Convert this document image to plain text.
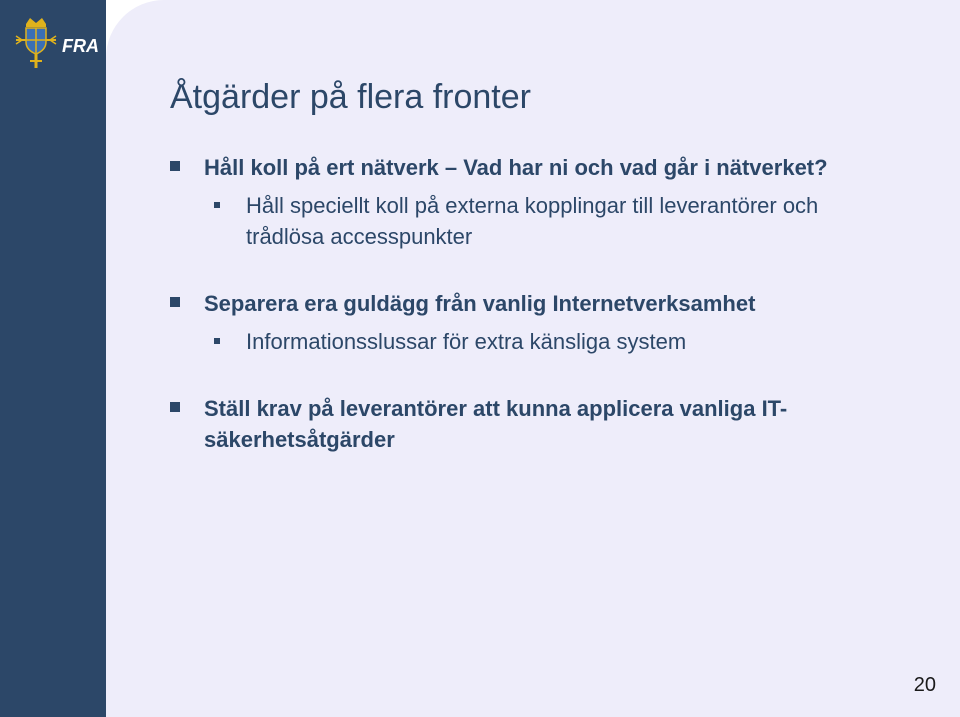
FRA
Åtgärder på flera fronter
Håll koll på ert nätverk – Vad har ni och vad går i nätverket?
Håll speciellt koll på externa kopplingar till leverantörer och trådlösa accesspunkter
Separera era guldägg från vanlig Internetverksamhet
Informationsslussar för extra känsliga system
Ställ krav på leverantörer att kunna applicera vanliga IT-säkerhetsåtgärder
20
